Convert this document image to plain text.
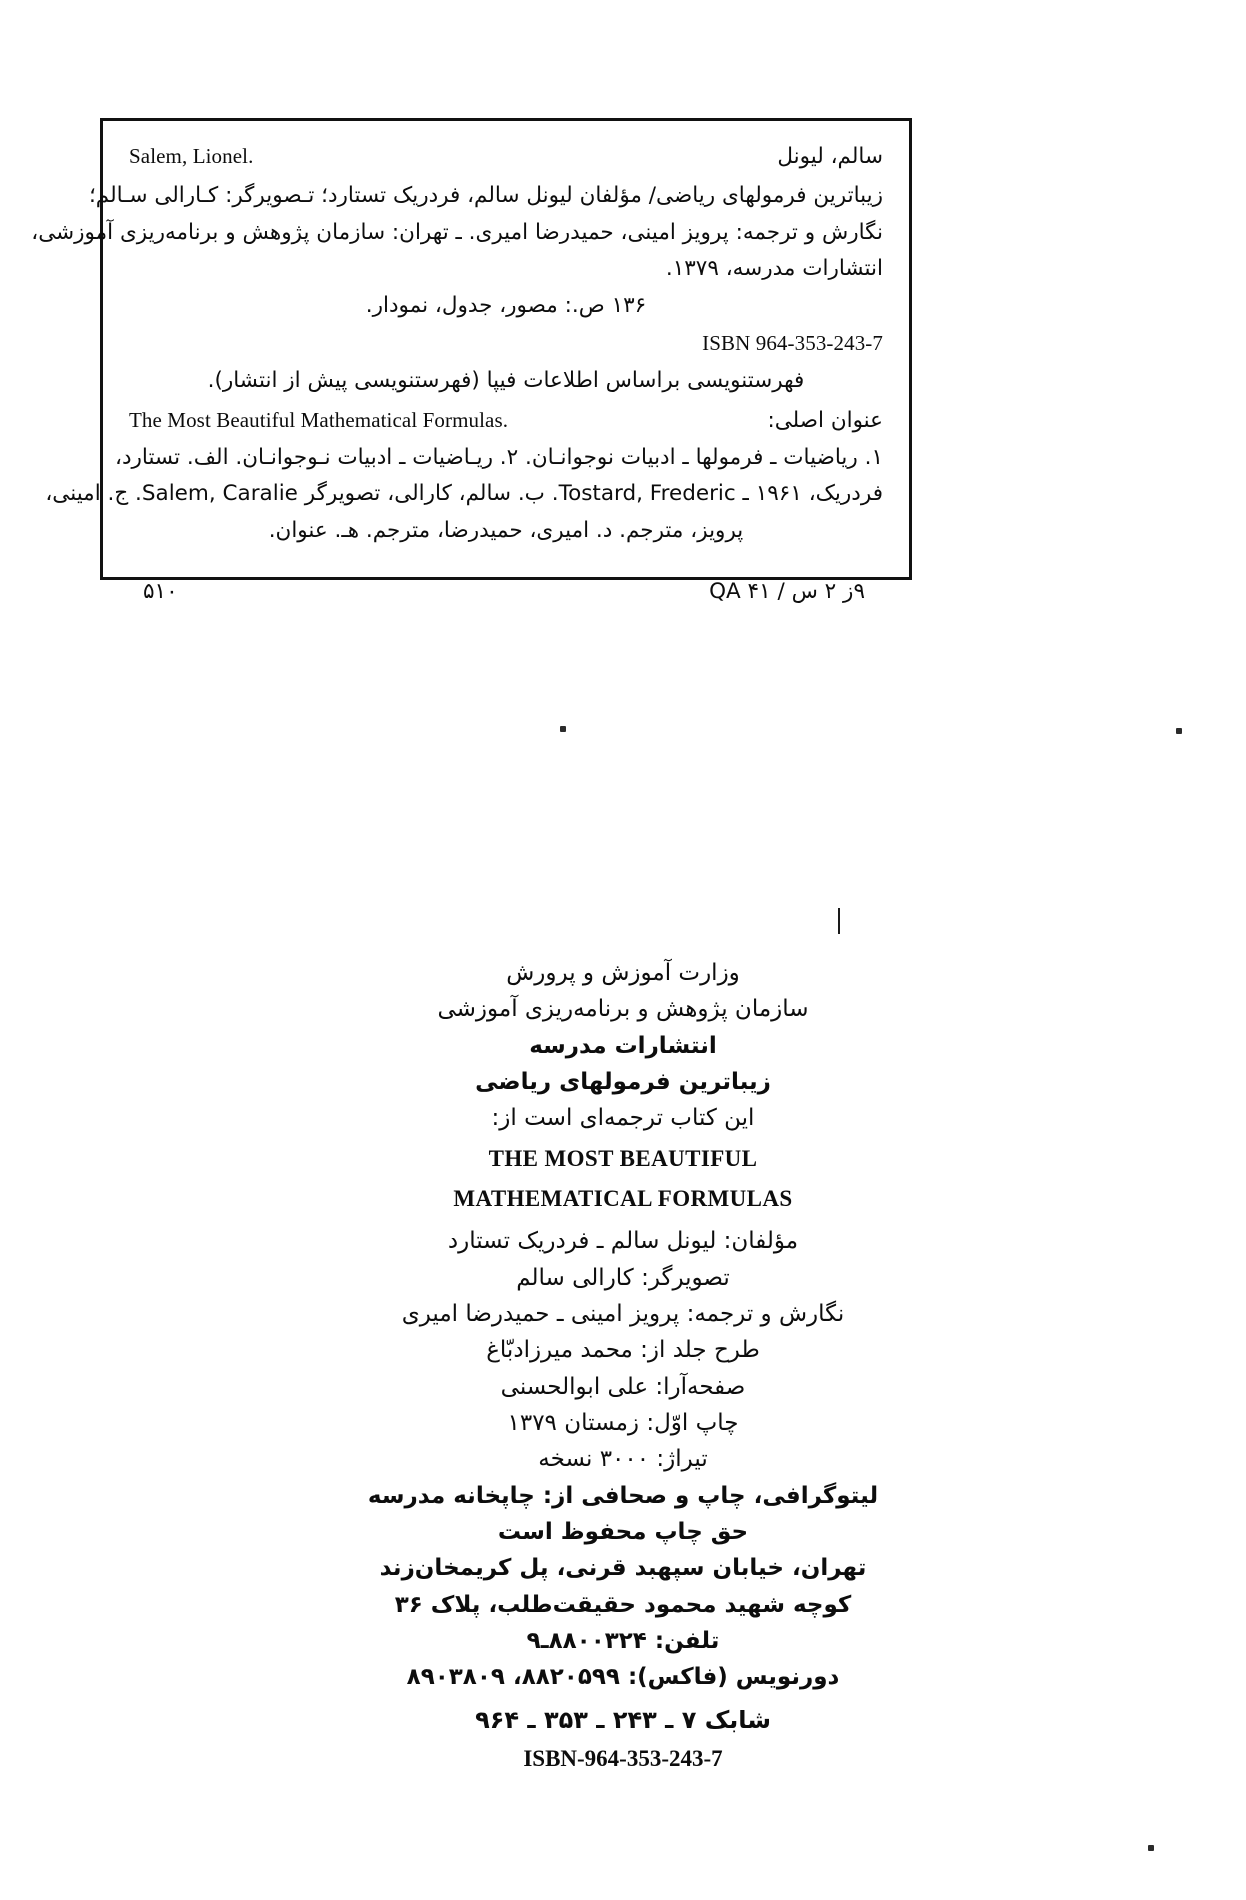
Salem, Lionel.	سالم، ليونل
زيباترين فرمولهاى رياضى/ مؤلفان ليونل سالم، فردريک تستارد؛ تـصويرگر: كـارالى سـالم؛
نگارش و ترجمه: پرويز امينى، حميدرضا اميرى. ـ تهران: سازمان پژوهش و برنامه‌ريزى آموزشى،
انتشارات مدرسه، ١٣٧٩.
١٣۶ ص.: مصور، جدول، نمودار.
ISBN 964-353-243-7
فهرستنويسى براساس اطلاعات فيپا (فهرستنويسى پيش از انتشار).
The Most Beautiful Mathematical Formulas.	عنوان اصلى:
١. رياضيات ـ فرمولها ـ ادبيات نوجوانـان. ٢. ريـاضيات ـ ادبيات نـوجوانـان. الف. تستارد،
فردريک، ١٩۶١ ـ Tostard, Frederic. ب. سالم، كارالى، تصويرگر Salem, Caralie. ج. امينى،
پرويز، مترجم. د. اميرى، حميدرضا، مترجم. هـ. عنوان.
۹ز ٢ س / QA ۴١
۵١٠

وزارت آموزش و پرورش

سازمان پژوهش و برنامه‌ريزى آموزشى

انتشارات مدرسه

زيباترين فرمولهاى رياضى

اين كتاب ترجمه‌اى است از:

THE MOST BEAUTIFUL

MATHEMATICAL FORMULAS

مؤلفان: ليونل سالم ـ فردريک تستارد

تصويرگر: كارالى سالم

نگارش و ترجمه: پرويز امينى ـ حميدرضا اميرى

طرح جلد از: محمد ميرزادبّاغ

صفحه‌آرا: على ابوالحسنى

چاپ اوّل: زمستان ١٣٧٩

تيراژ: ٣٠٠٠ نسخه

ليتوگرافى، چاپ و صحافى از: چاپخانه مدرسه

حق چاپ محفوظ است

تهران، خيابان سپهبد قرنى، پل كريمخان‌زند

كوچه شهيد محمود حقيقت‌طلب، پلاک ٣۶

تلفن: ٨٨٠٠٣٢۴ـ٩

دورنويس (فاكس): ٨٨٢٠۵٩٩، ٨٩٠٣٨٠٩

شابک ٧ ـ ٢۴٣ ـ ٣۵٣ ـ ٩۶۴

ISBN-964-353-243-7
